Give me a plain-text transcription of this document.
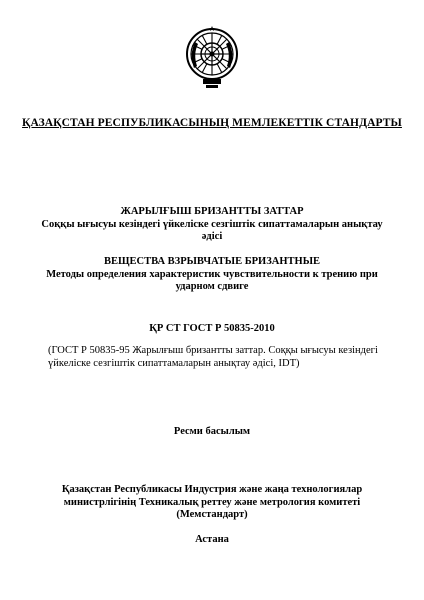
ҚАЗАҚСТАН РЕСПУБЛИКАСЫНЫҢ МЕМЛЕКЕТТІК СТАНДАРТЫ
ЖАРЫЛҒЫШ БРИЗАНТТЫ ЗАТТАР
Соққы ығысуы кезіндегі үйкеліске сезгіштік сипаттамаларын анықтау
әдісі
ВЕЩЕСТВА ВЗРЫВЧАТЫЕ БРИЗАНТНЫЕ
Методы определения характеристик чувствительности к трению при
ударном сдвиге
ҚР СТ ГОСТ Р 50835-2010
(ГОСТ Р 50835-95 Жарылғыш бризантты заттар. Соққы ығысуы кезіндегі
үйкеліске сезгіштік сипаттамаларын анықтау әдісі, IDT)
Ресми басылым
Қазақстан Республикасы Индустрия және жаңа технологиялар
министрлігінің Техникалық реттеу және метрология комитеті
(Мемстандарт)
Астана
